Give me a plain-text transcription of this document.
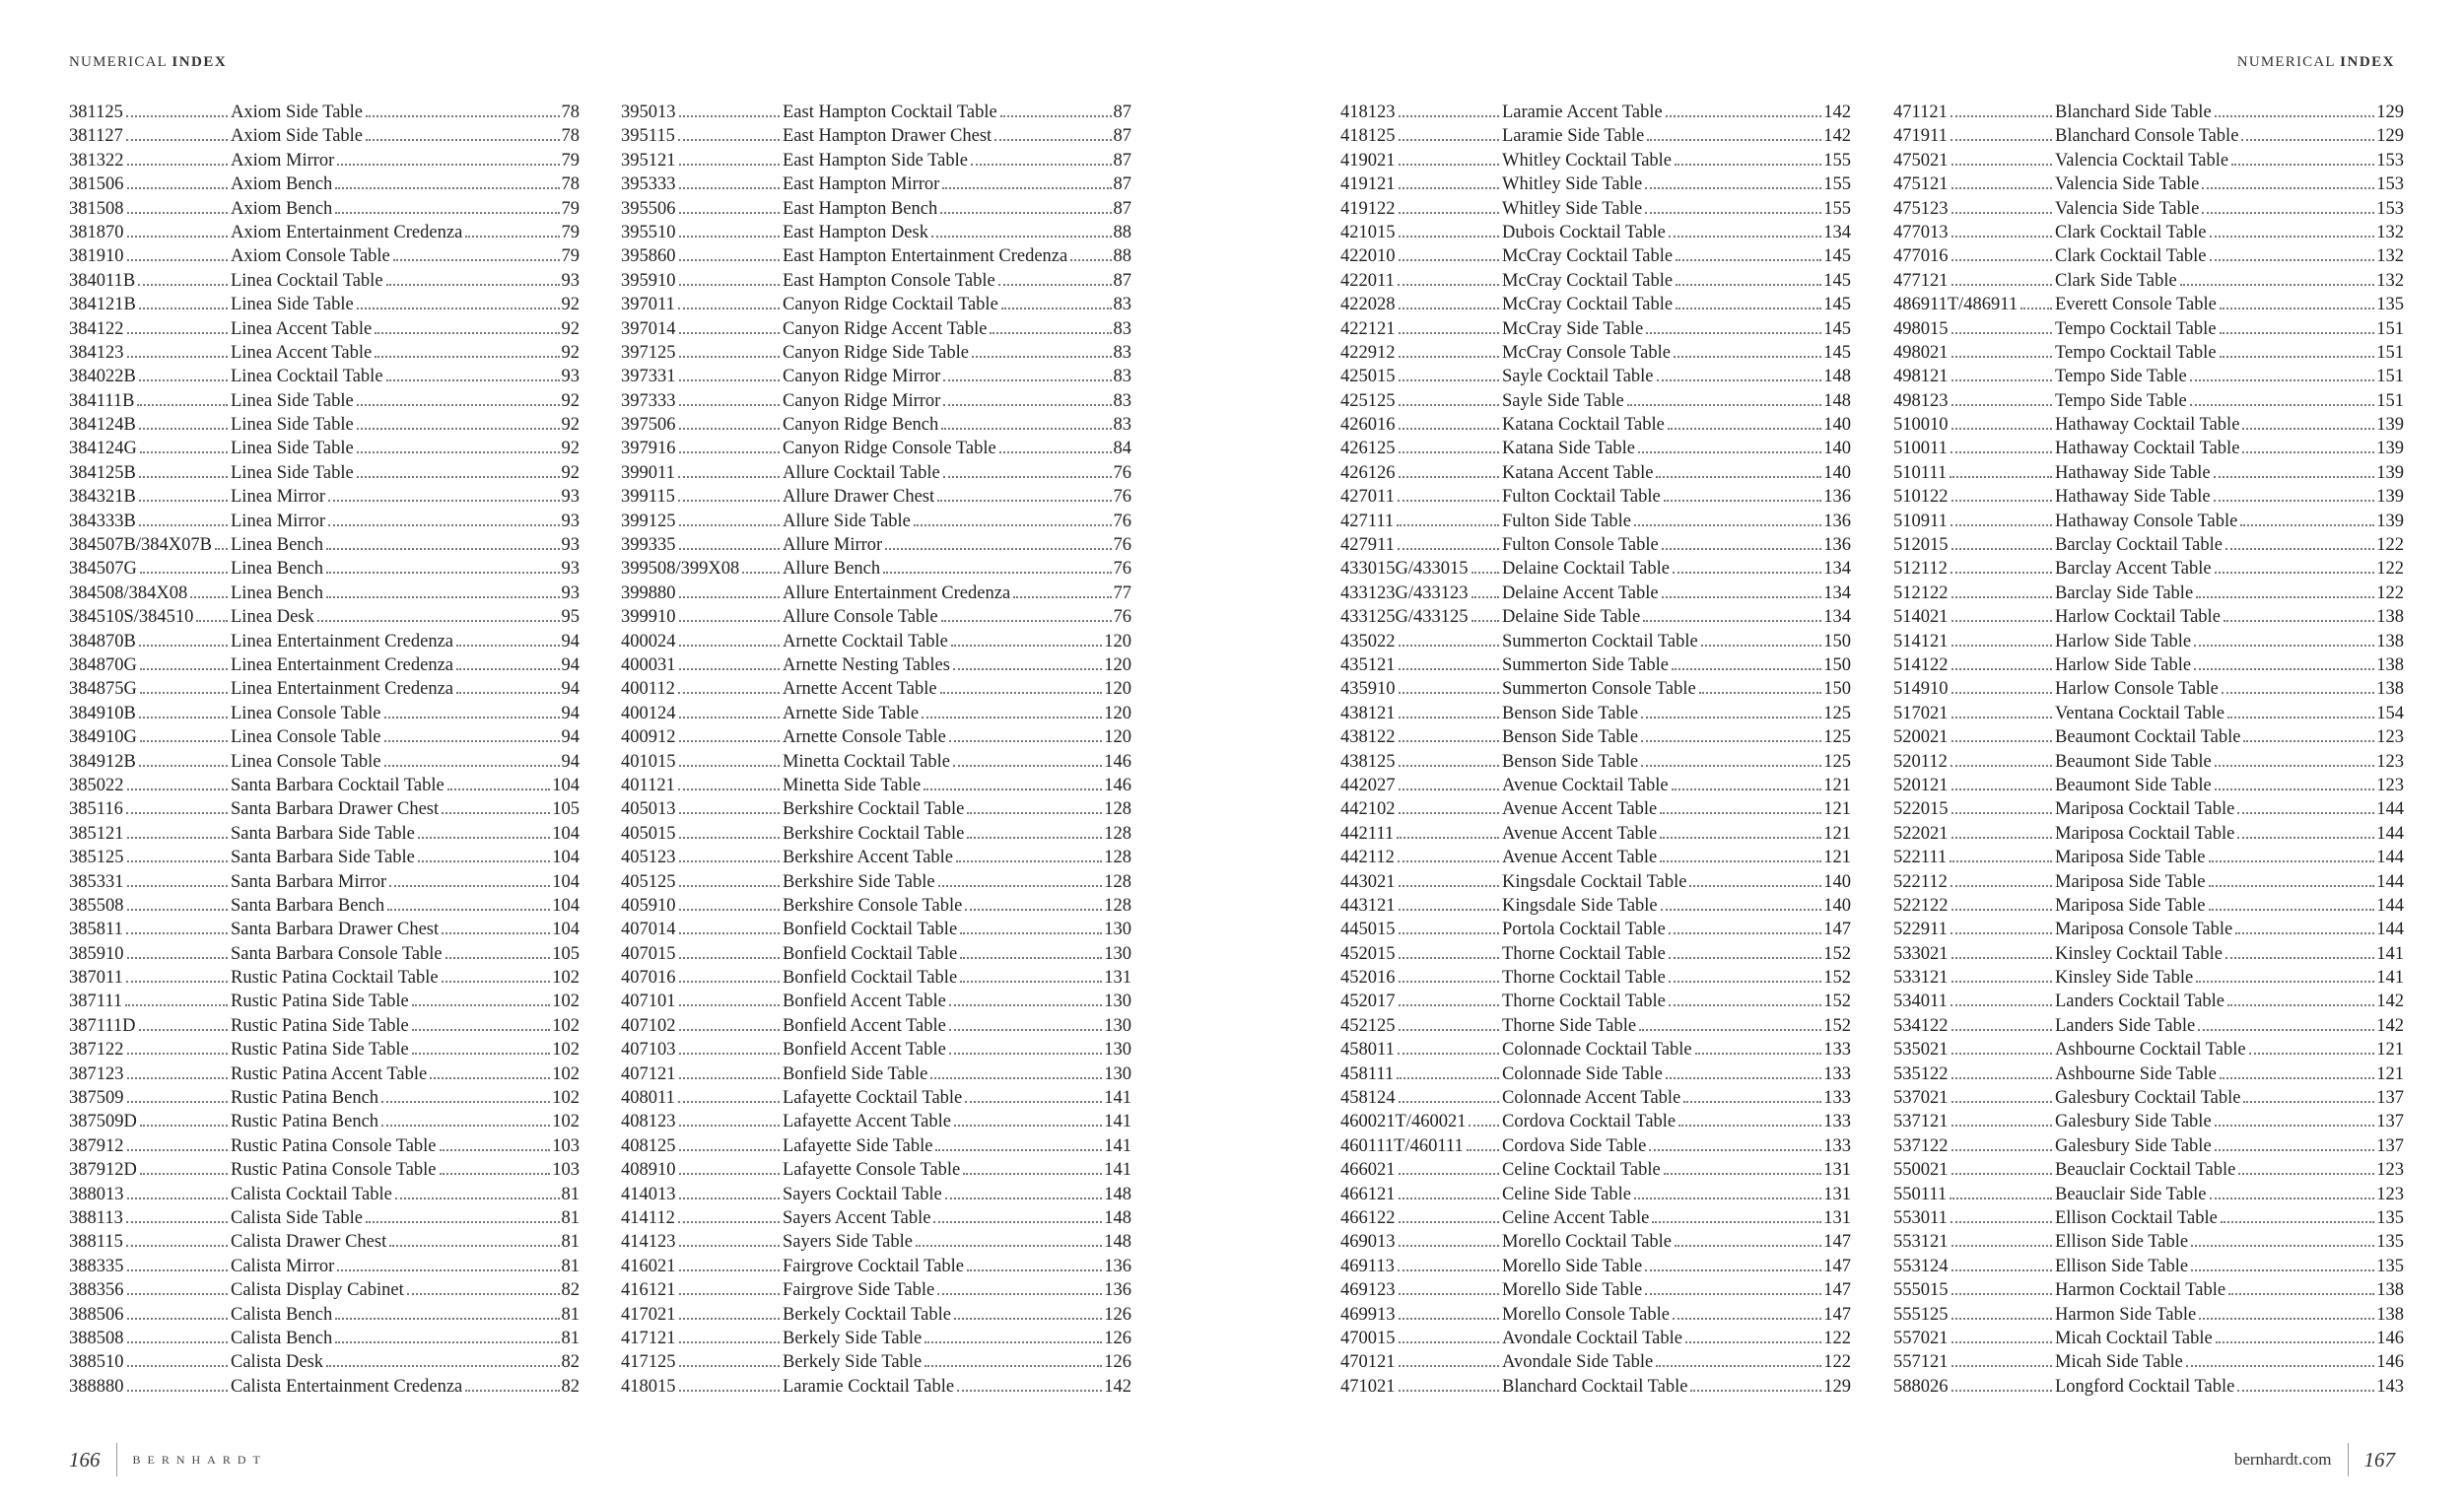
NUMERICAL INDEX	NUMERICAL INDEX
381125	Axiom Side Table	78
381127	Axiom Side Table	78
381322	Axiom Mirror	79
381506	Axiom Bench	78
381508	Axiom Bench	79
381870	Axiom Entertainment Credenza	79
381910	Axiom Console Table	79
384011B	Linea Cocktail Table	93
384121B	Linea Side Table	92
384122	Linea Accent Table	92
384123	Linea Accent Table	92
384022B	Linea Cocktail Table	93
384111B	Linea Side Table	92
384124B	Linea Side Table	92
384124G	Linea Side Table	92
384125B	Linea Side Table	92
384321B	Linea Mirror	93
384333B	Linea Mirror	93
384507B/384X07B Linea Bench	93
384507G	Linea Bench	93
384508/384X08 Linea Bench	93
384510S/384510 Linea Desk	95
384870B	Linea Entertainment Credenza	94
384870G	Linea Entertainment Credenza	94
384875G	Linea Entertainment Credenza	94
384910B	Linea Console Table	94
384910G	Linea Console Table	94
384912B	Linea Console Table	94
385022	Santa Barbara Cocktail Table	104
385116	Santa Barbara Drawer Chest	105
385121	Santa Barbara Side Table	104
385125	Santa Barbara Side Table	104
385331	Santa Barbara Mirror	104
385508	Santa Barbara Bench	104
385811	Santa Barbara Drawer Chest	104
385910	Santa Barbara Console Table	105
387011	Rustic Patina Cocktail Table	102
387111	Rustic Patina Side Table	102
387111D	Rustic Patina Side Table	102
387122	Rustic Patina Side Table	102
387123	Rustic Patina Accent Table	102
387509	Rustic Patina Bench	102
387509D	Rustic Patina Bench	102
387912	Rustic Patina Console Table	103
387912D	Rustic Patina Console Table	103
388013	Calista Cocktail Table	81
388113	Calista Side Table	81
388115	Calista Drawer Chest	81
388335	Calista Mirror	81
388356	Calista Display Cabinet	82
388506	Calista Bench	81
388508	Calista Bench	81
388510	Calista Desk	82
388880	Calista Entertainment Credenza	82
395013	East Hampton Cocktail Table	87
395115	East Hampton Drawer Chest	87
395121	East Hampton Side Table	87
395333	East Hampton Mirror	87
395506	East Hampton Bench	87
395510	East Hampton Desk	88
395860	East Hampton Entertainment Credenza	88
395910	East Hampton Console Table	87
397011	Canyon Ridge Cocktail Table	83
397014	Canyon Ridge Accent Table	83
397125	Canyon Ridge Side Table	83
397331	Canyon Ridge Mirror	83
397333	Canyon Ridge Mirror	83
397506	Canyon Ridge Bench	83
397916	Canyon Ridge Console Table	84
399011	Allure Cocktail Table	76
399115	Allure Drawer Chest	76
399125	Allure Side Table	76
399335	Allure Mirror	76
399508/399X08 Allure Bench	76
399880	Allure Entertainment Credenza	77
399910	Allure Console Table	76
400024	Arnette Cocktail Table	120
400031	Arnette Nesting Tables	120
400112	Arnette Accent Table	120
400124	Arnette Side Table	120
400912	Arnette Console Table	120
401015	Minetta Cocktail Table	146
401121	Minetta Side Table	146
405013	Berkshire Cocktail Table	128
405015	Berkshire Cocktail Table	128
405123	Berkshire Accent Table	128
405125	Berkshire Side Table	128
405910	Berkshire Console Table	128
407014	Bonfield Cocktail Table	130
407015	Bonfield Cocktail Table	130
407016	Bonfield Cocktail Table	131
407101	Bonfield Accent Table	130
407102	Bonfield Accent Table	130
407103	Bonfield Accent Table	130
407121	Bonfield Side Table	130
408011	Lafayette Cocktail Table	141
408123	Lafayette Accent Table	141
408125	Lafayette Side Table	141
408910	Lafayette Console Table	141
414013	Sayers Cocktail Table	148
414112	Sayers Accent Table	148
414123	Sayers Side Table	148
416021	Fairgrove Cocktail Table	136
416121	Fairgrove Side Table	136
417021	Berkely Cocktail Table	126
417121	Berkely Side Table	126
417125	Berkely Side Table	126
418015	Laramie Cocktail Table	142
418123	Laramie Accent Table	142
418125	Laramie Side Table	142
419021	Whitley Cocktail Table	155
419121	Whitley Side Table	155
419122	Whitley Side Table	155
421015	Dubois Cocktail Table	134
422010	McCray Cocktail Table	145
422011	McCray Cocktail Table	145
422028	McCray Cocktail Table	145
422121	McCray Side Table	145
422912	McCray Console Table	145
425015	Sayle Cocktail Table	148
425125	Sayle Side Table	148
426016	Katana Cocktail Table	140
426125	Katana Side Table	140
426126	Katana Accent Table	140
427011	Fulton Cocktail Table	136
427111	Fulton Side Table	136
427911	Fulton Console Table	136
433015G/433015 Delaine Cocktail Table	134
433123G/433123 Delaine Accent Table	134
433125G/433125 Delaine Side Table	134
435022	Summerton Cocktail Table	150
435121	Summerton Side Table	150
435910	Summerton Console Table	150
438121	Benson Side Table	125
438122	Benson Side Table	125
438125	Benson Side Table	125
442027	Avenue Cocktail Table	121
442102	Avenue Accent Table	121
442111	Avenue Accent Table	121
442112	Avenue Accent Table	121
443021	Kingsdale Cocktail Table	140
443121	Kingsdale Side Table	140
445015	Portola Cocktail Table	147
452015	Thorne Cocktail Table	152
452016	Thorne Cocktail Table	152
452017	Thorne Cocktail Table	152
452125	Thorne Side Table	152
458011	Colonnade Cocktail Table	133
458111	Colonnade Side Table	133
458124	Colonnade Accent Table	133
460021T/460021 Cordova Cocktail Table	133
460111T/460111 Cordova Side Table	133
466021	Celine Cocktail Table	131
466121	Celine Side Table	131
466122	Celine Accent Table	131
469013	Morello Cocktail Table	147
469113	Morello Side Table	147
469123	Morello Side Table	147
469913	Morello Console Table	147
470015	Avondale Cocktail Table	122
470121	Avondale Side Table	122
471021	Blanchard Cocktail Table	129
471121	Blanchard Side Table	129
471911	Blanchard Console Table	129
475021	Valencia Cocktail Table	153
475121	Valencia Side Table	153
475123	Valencia Side Table	153
477013	Clark Cocktail Table	132
477016	Clark Cocktail Table	132
477121	Clark Side Table	132
486911T/486911 Everett Console Table	135
498015	Tempo Cocktail Table	151
498021	Tempo Cocktail Table	151
498121	Tempo Side Table	151
498123	Tempo Side Table	151
510010	Hathaway Cocktail Table	139
510011	Hathaway Cocktail Table	139
510111	Hathaway Side Table	139
510122	Hathaway Side Table	139
510911	Hathaway Console Table	139
512015	Barclay Cocktail Table	122
512112	Barclay Accent Table	122
512122	Barclay Side Table	122
514021	Harlow Cocktail Table	138
514121	Harlow Side Table	138
514122	Harlow Side Table	138
514910	Harlow Console Table	138
517021	Ventana Cocktail Table	154
520021	Beaumont Cocktail Table	123
520112	Beaumont Side Table	123
520121	Beaumont Side Table	123
522015	Mariposa Cocktail Table	144
522021	Mariposa Cocktail Table	144
522111	Mariposa Side Table	144
522112	Mariposa Side Table	144
522122	Mariposa Side Table	144
522911	Mariposa Console Table	144
533021	Kinsley Cocktail Table	141
533121	Kinsley Side Table	141
534011	Landers Cocktail Table	142
534122	Landers Side Table	142
535021	Ashbourne Cocktail Table	121
535122	Ashbourne Side Table	121
537021	Galesbury Cocktail Table	137
537121	Galesbury Side Table	137
537122	Galesbury Side Table	137
550021	Beauclair Cocktail Table	123
550111	Beauclair Side Table	123
553011	Ellison Cocktail Table	135
553121	Ellison Side Table	135
553124	Ellison Side Table	135
555015	Harmon Cocktail Table	138
555125	Harmon Side Table	138
557021	Micah Cocktail Table	146
557121	Micah Side Table	146
588026	Longford Cocktail Table	143
166	BERNHARDT	bernhardt.com 167
